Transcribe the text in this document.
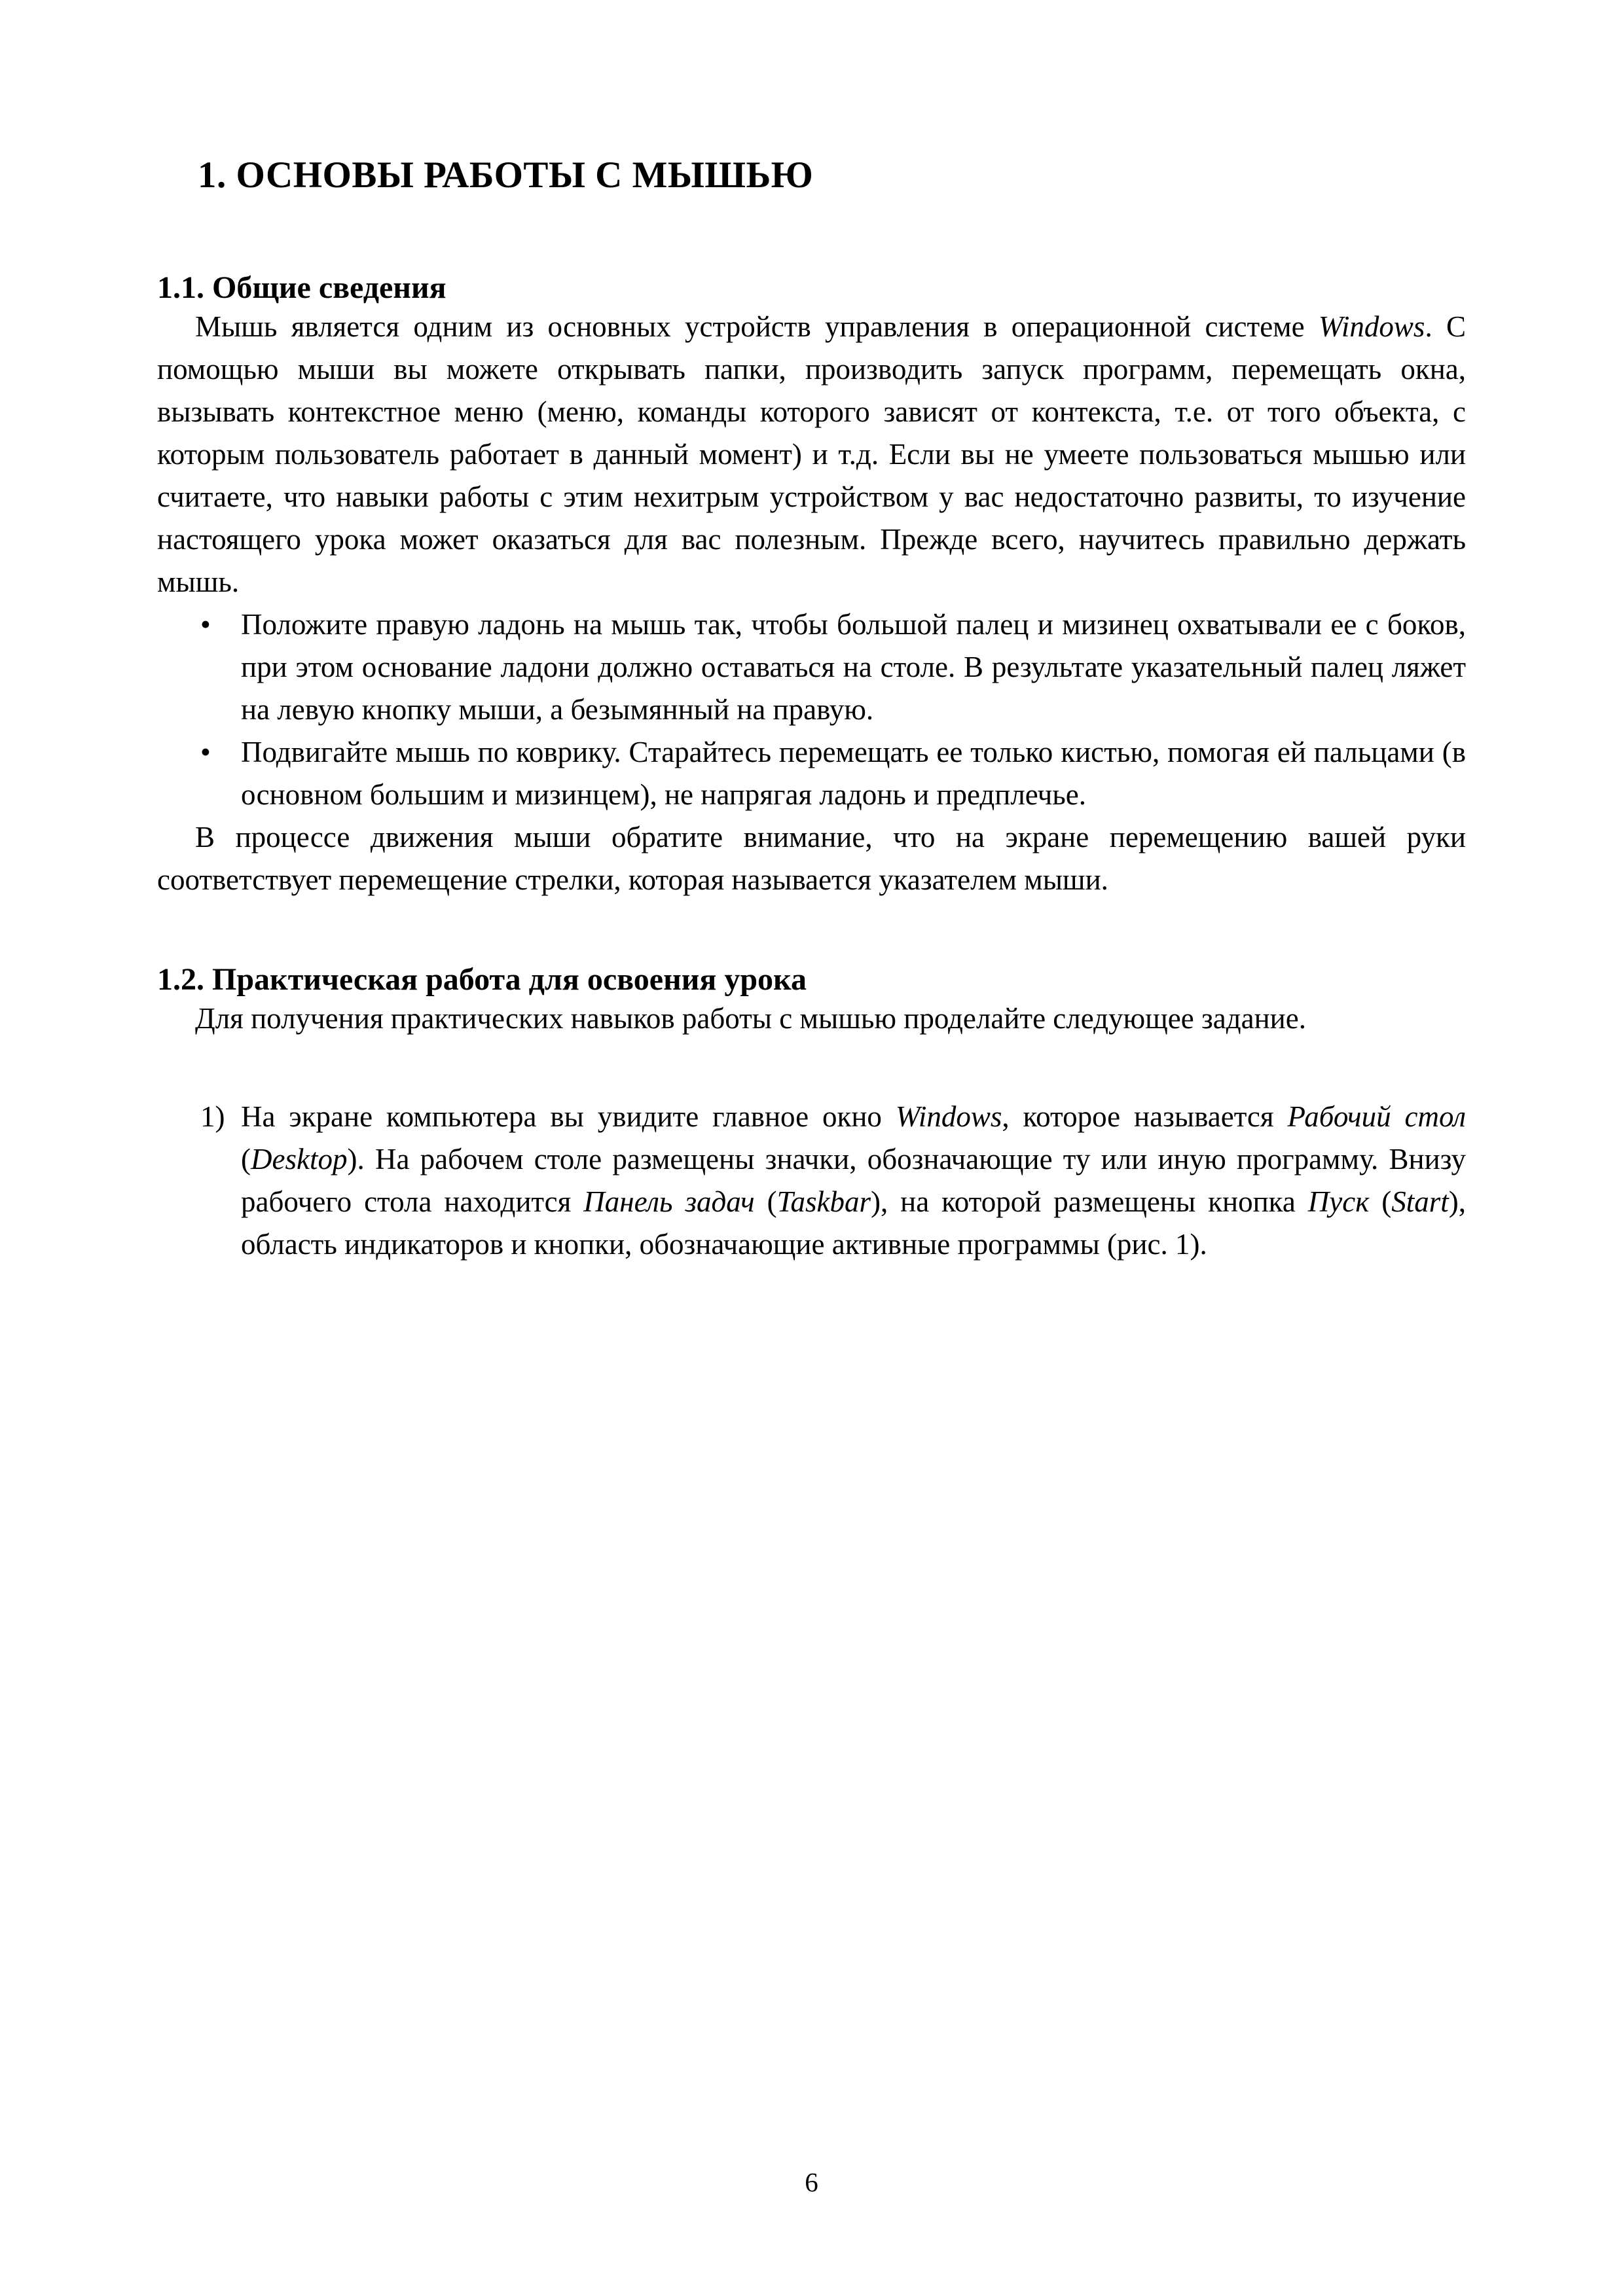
1. ОСНОВЫ РАБОТЫ С МЫШЬЮ
1.1. Общие сведения

Мышь является одним из основных устройств управления в операционной системе Windows. С помощью мыши вы можете открывать папки, производить запуск программ, перемещать окна, вызывать контекстное меню (меню, команды которого зависят от контекста, т.е. от того объекта, с которым пользователь работает в данный момент) и т.д. Если вы не умеете пользоваться мышью или считаете, что навыки работы с этим нехитрым устройством у вас недостаточно развиты, то изучение настоящего урока может оказаться для вас полезным. Прежде всего, научитесь правильно держать мышь.

• Положите правую ладонь на мышь так, чтобы большой палец и мизинец охватывали ее с боков, при этом основание ладони должно оставаться на столе. В результате указательный палец ляжет на левую кнопку мыши, а безымянный на правую.
• Подвигайте мышь по коврику. Старайтесь перемещать ее только кистью, помогая ей пальцами (в основном большим и мизинцем), не напрягая ладонь и предплечье.

В процессе движения мыши обратите внимание, что на экране перемещению вашей руки соответствует перемещение стрелки, которая называется указателем мыши.

1.2. Практическая работа для освоения урока

Для получения практических навыков работы с мышью проделайте следующее задание.

1) На экране компьютера вы увидите главное окно Windows, которое называется Рабочий стол (Desktop). На рабочем столе размещены значки, обозначающие ту или иную программу. Внизу рабочего стола находится Панель задач (Taskbar), на которой размещены кнопка Пуск (Start), область индикаторов и кнопки, обозначающие активные программы (рис. 1).
6
